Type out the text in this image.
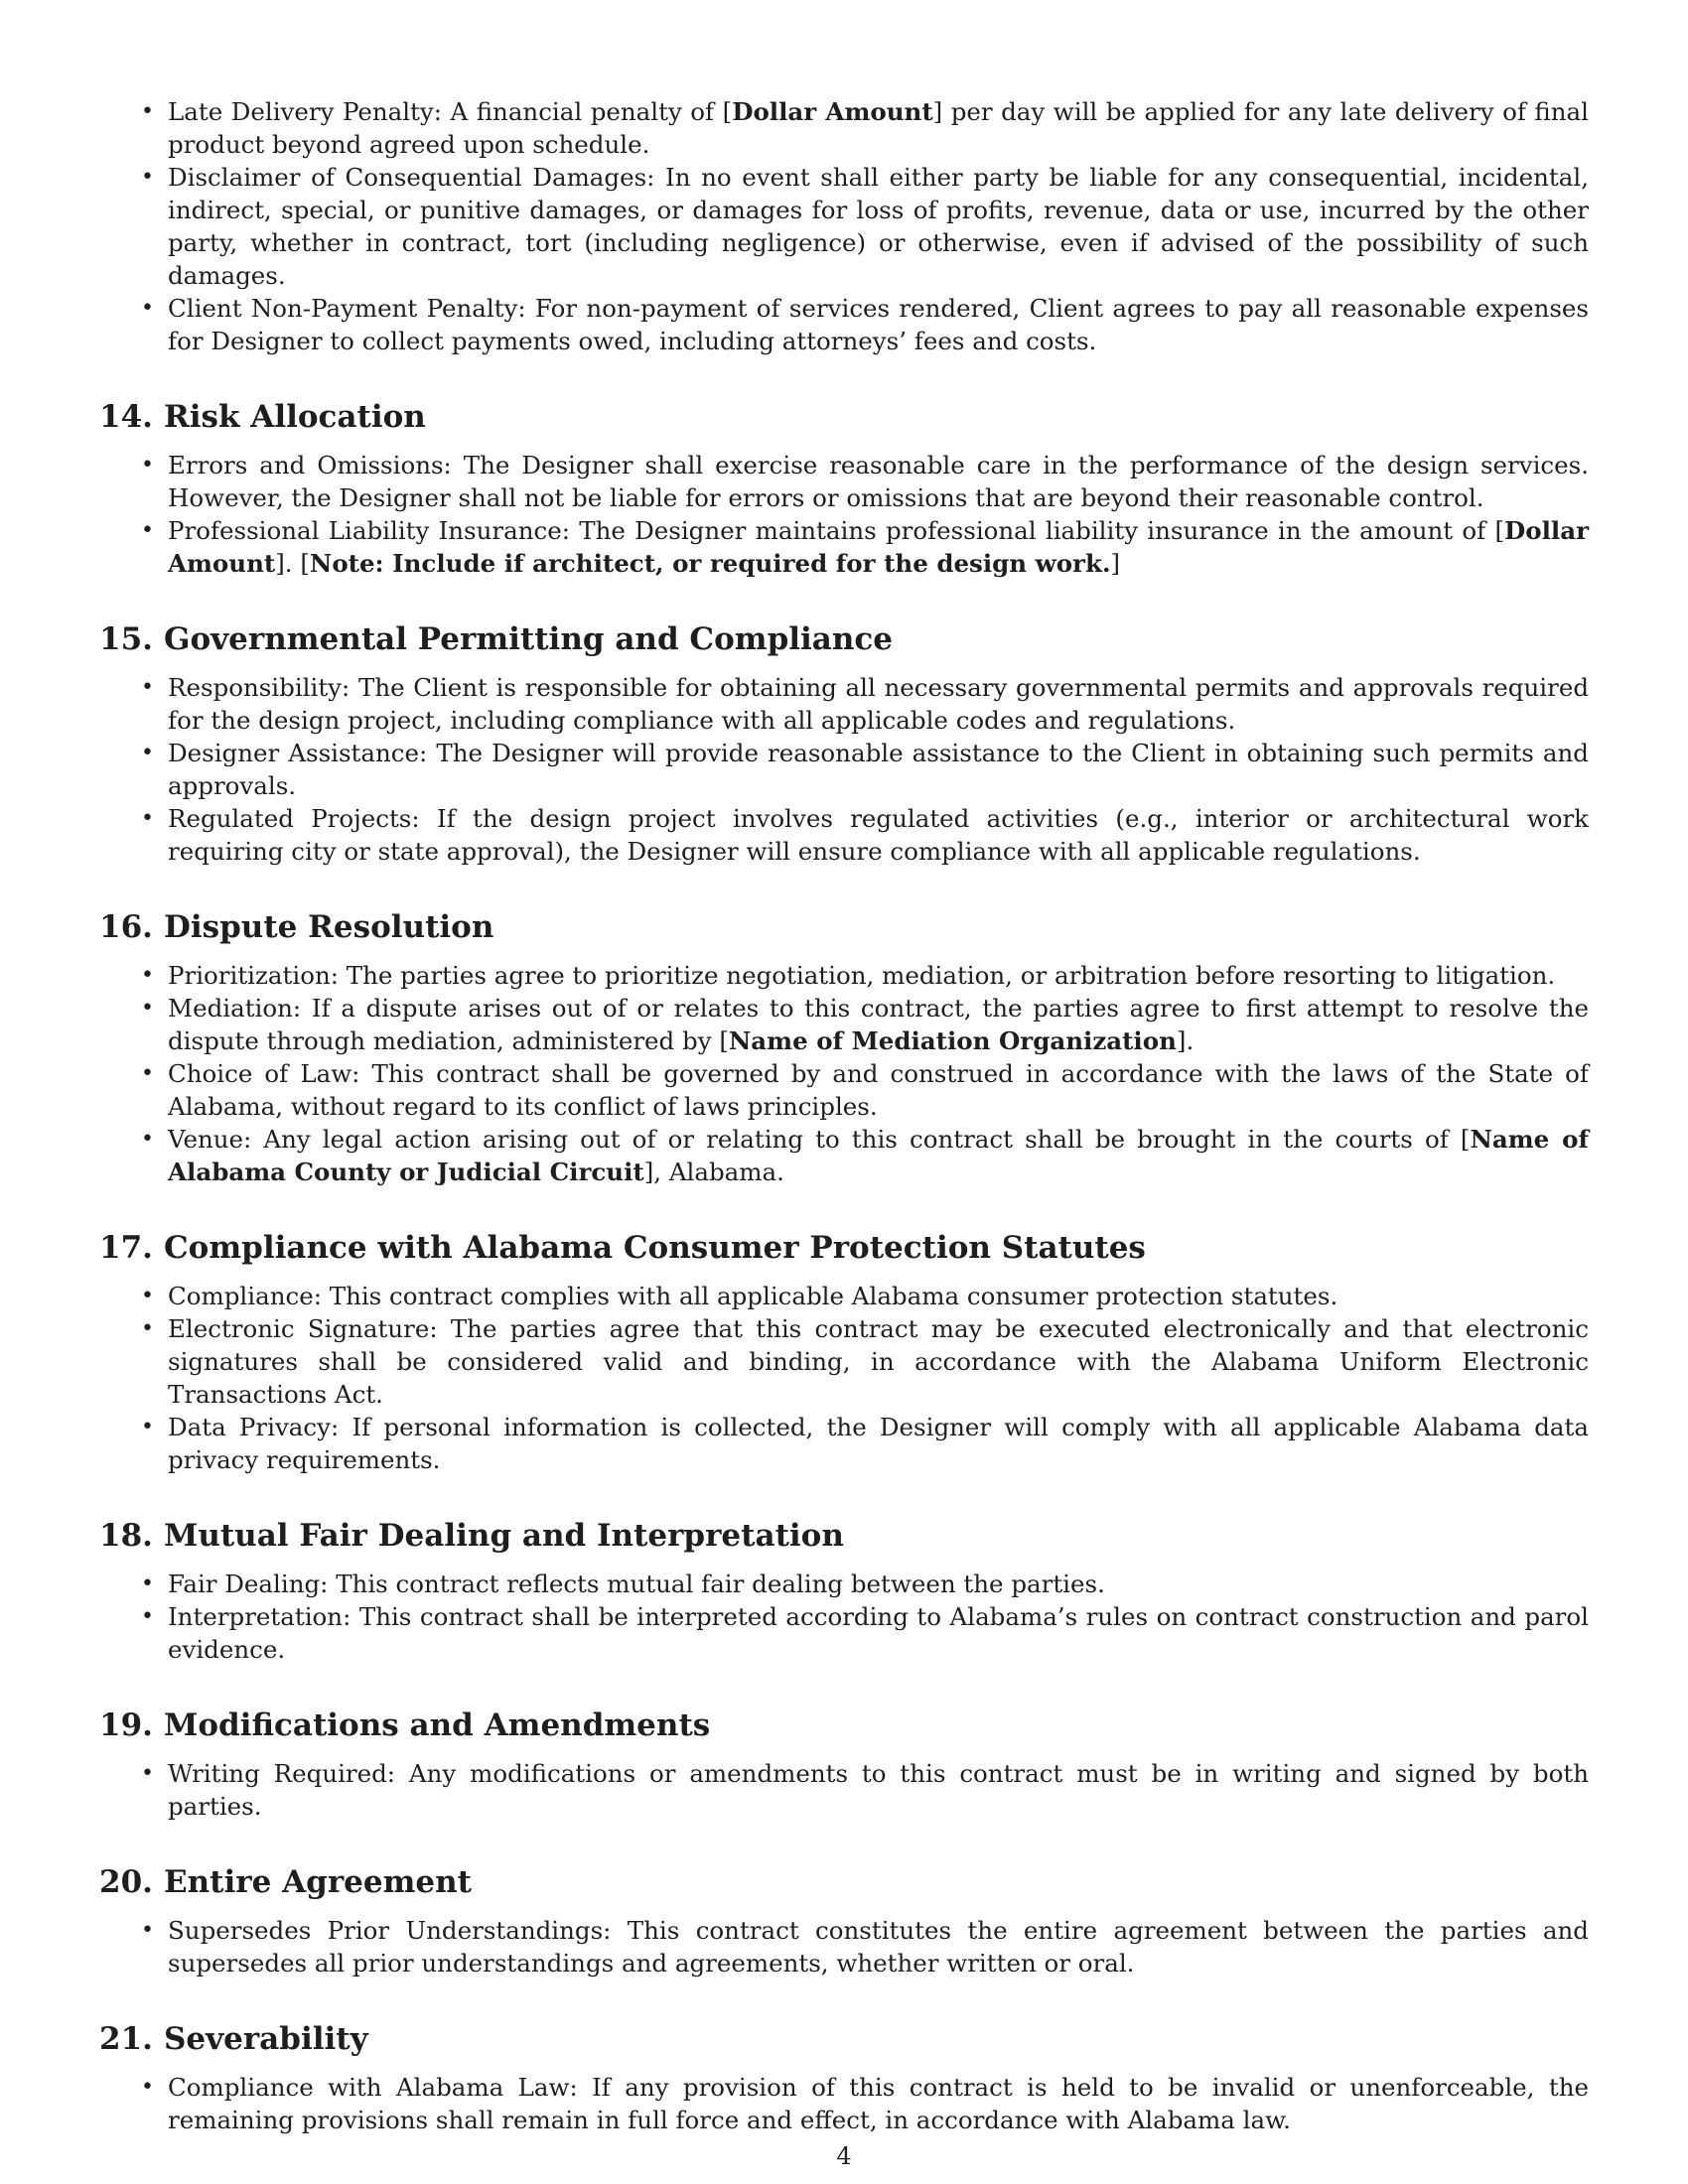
• Late Delivery Penalty: A financial penalty of [Dollar Amount] per day will be applied for any late delivery of final product beyond agreed upon schedule.
• Disclaimer of Consequential Damages: In no event shall either party be liable for any consequential, incidental, indirect, special, or punitive damages, or damages for loss of profits, revenue, data or use, incurred by the other party, whether in contract, tort (including negligence) or otherwise, even if advised of the possibility of such damages.
• Client Non-Payment Penalty: For non-payment of services rendered, Client agrees to pay all reasonable expenses for Designer to collect payments owed, including attorneys’ fees and costs.
14. Risk Allocation
• Errors and Omissions: The Designer shall exercise reasonable care in the performance of the design services. However, the Designer shall not be liable for errors or omissions that are beyond their reasonable control.
• Professional Liability Insurance: The Designer maintains professional liability insurance in the amount of [Dollar Amount]. [Note: Include if architect, or required for the design work.]
15. Governmental Permitting and Compliance
• Responsibility: The Client is responsible for obtaining all necessary governmental permits and approvals required for the design project, including compliance with all applicable codes and regulations.
• Designer Assistance: The Designer will provide reasonable assistance to the Client in obtaining such permits and approvals.
• Regulated Projects: If the design project involves regulated activities (e.g., interior or architectural work requiring city or state approval), the Designer will ensure compliance with all applicable regulations.
16. Dispute Resolution
• Prioritization: The parties agree to prioritize negotiation, mediation, or arbitration before resorting to litigation.
• Mediation: If a dispute arises out of or relates to this contract, the parties agree to first attempt to resolve the dispute through mediation, administered by [Name of Mediation Organization].
• Choice of Law: This contract shall be governed by and construed in accordance with the laws of the State of Alabama, without regard to its conflict of laws principles.
• Venue: Any legal action arising out of or relating to this contract shall be brought in the courts of [Name of Alabama County or Judicial Circuit], Alabama.
17. Compliance with Alabama Consumer Protection Statutes
• Compliance: This contract complies with all applicable Alabama consumer protection statutes.
• Electronic Signature: The parties agree that this contract may be executed electronically and that electronic signatures shall be considered valid and binding, in accordance with the Alabama Uniform Electronic Transactions Act.
• Data Privacy: If personal information is collected, the Designer will comply with all applicable Alabama data privacy requirements.
18. Mutual Fair Dealing and Interpretation
• Fair Dealing: This contract reflects mutual fair dealing between the parties.
• Interpretation: This contract shall be interpreted according to Alabama’s rules on contract construction and parol evidence.
19. Modifications and Amendments
• Writing Required: Any modifications or amendments to this contract must be in writing and signed by both parties.
20. Entire Agreement
• Supersedes Prior Understandings: This contract constitutes the entire agreement between the parties and supersedes all prior understandings and agreements, whether written or oral.
21. Severability
• Compliance with Alabama Law: If any provision of this contract is held to be invalid or unenforceable, the remaining provisions shall remain in full force and effect, in accordance with Alabama law.
4
